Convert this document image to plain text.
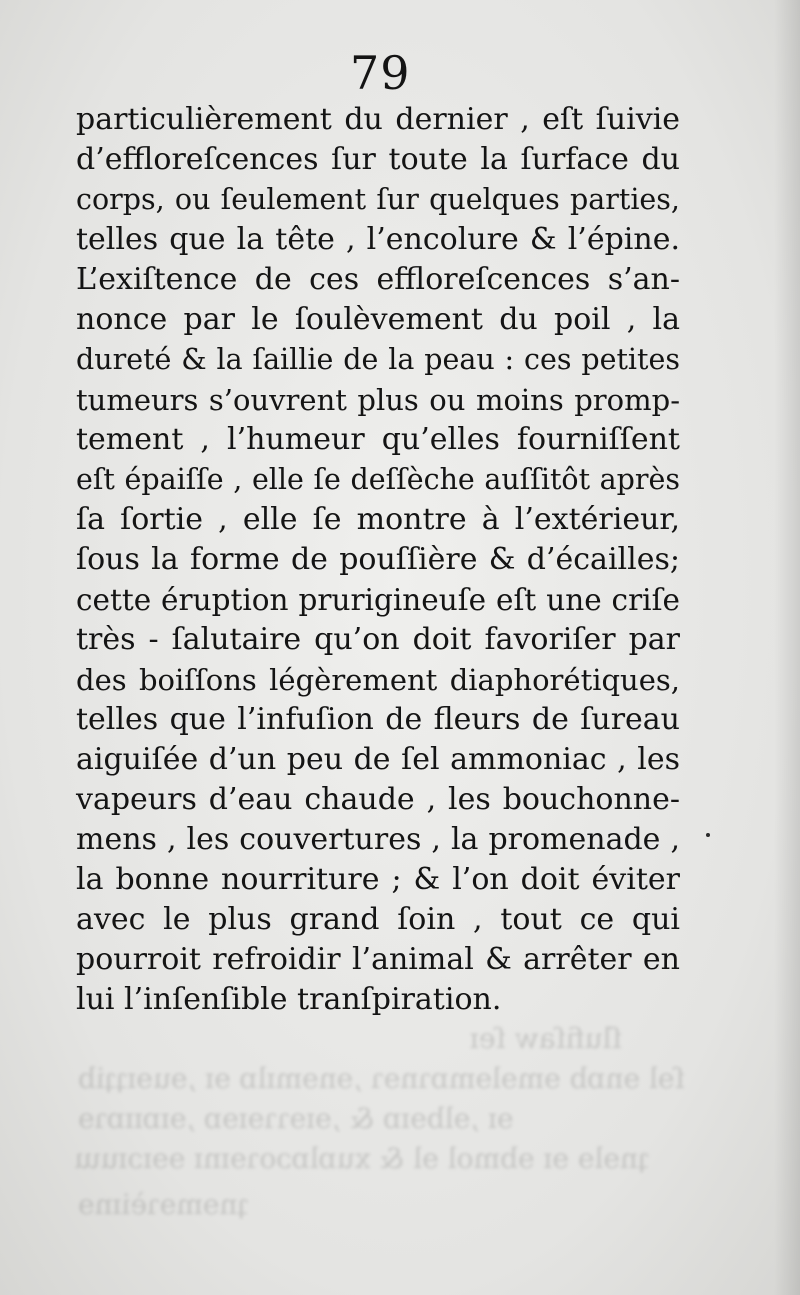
ſlufiſaw ſeɪ
ſɘl ɘnɒb ɘmɘlɘmɒɿnɘɿ ,ɘnɘmɪlɒ ɘɪ ,ɘuɘɪʇʇib
ɘɪ ,ɘlbɘɪɒ & ,ɘɪɘɿɿɘɪɘɒ ,ɘɪɒɪɪɒɿɘ
ʇnɘlɘ ɘɪ ɘbmol ɘl & xuɒlɒɔoɿɘɪnɪ ɘɘɪɔɪuɯ
ʇnɘmɘɿèiɪnɘ
79
particulièrement du dernier , eſt ſuivie
d’effloreſcences ſur toute la ſurface du
corps, ou ſeulement ſur quelques parties,
telles que la tête , l’encolure & l’épine.
L’exiſtence de ces effloreſcences s’an-
nonce par le ſoulèvement du poil , la
dureté & la ſaillie de la peau : ces petites
tumeurs s’ouvrent plus ou moins promp-
tement , l’humeur qu’elles fourniſſent
eſt épaiſſe , elle ſe deſſèche auſſitôt après
ſa ſortie , elle ſe montre à l’extérieur,
ſous la forme de pouſſière & d’écailles;
cette éruption prurigineuſe eſt une criſe
très - ſalutaire qu’on doit favoriſer par
des boiſſons légèrement diaphorétiques,
telles que l’infuſion de fleurs de ſureau
aiguiſée d’un peu de ſel ammoniac , les
vapeurs d’eau chaude , les bouchonne-
mens , les couvertures , la promenade ,
la bonne nourriture ; & l’on doit éviter
avec le plus grand ſoin , tout ce qui
pourroit refroidir l’animal & arrêter en
lui l’inſenſible tranſpiration.
